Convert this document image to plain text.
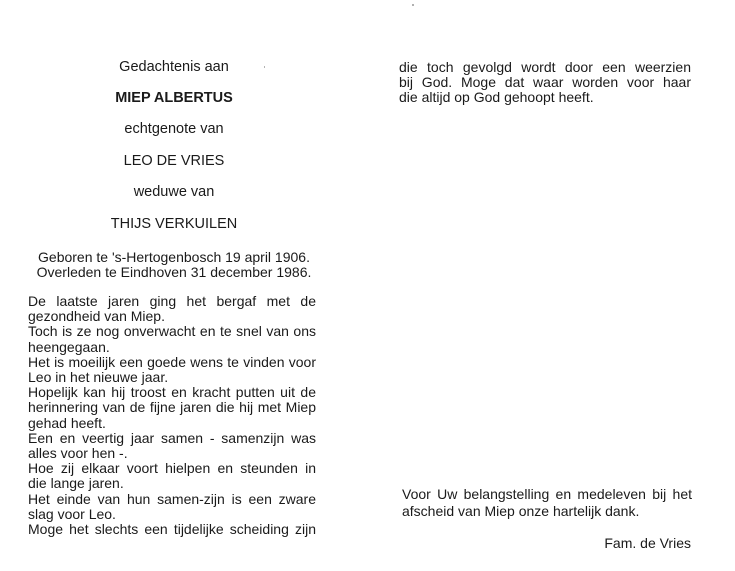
Gedachtenis aan
MIEP ALBERTUS
echtgenote van
LEO DE VRIES
weduwe van
THIJS VERKUILEN
Geboren te 's-Hertogenbosch 19 april 1906.
Overleden te Eindhoven 31 december 1986.

De laatste jaren ging het bergaf met de

gezondheid van Miep.

Toch is ze nog onverwacht en te snel van ons

heengegaan.

Het is moeilijk een goede wens te vinden voor

Leo in het nieuwe jaar.

Hopelijk kan hij troost en kracht putten uit de

herinnering van de fijne jaren die hij met Miep

gehad heeft.

Een en veertig jaar samen - samenzijn was

alles voor hen -.

Hoe zij elkaar voort hielpen en steunden in

die lange jaren.

Het einde van hun samen-zijn is een zware

slag voor Leo.

Moge het slechts een tijdelijke scheiding zijn

die toch gevolgd wordt door een weerzien

bij God. Moge dat waar worden voor haar

die altijd op God gehoopt heeft.

Voor Uw belangstelling en medeleven bij het
afscheid van Miep onze hartelijk dank.
Fam. de Vries
